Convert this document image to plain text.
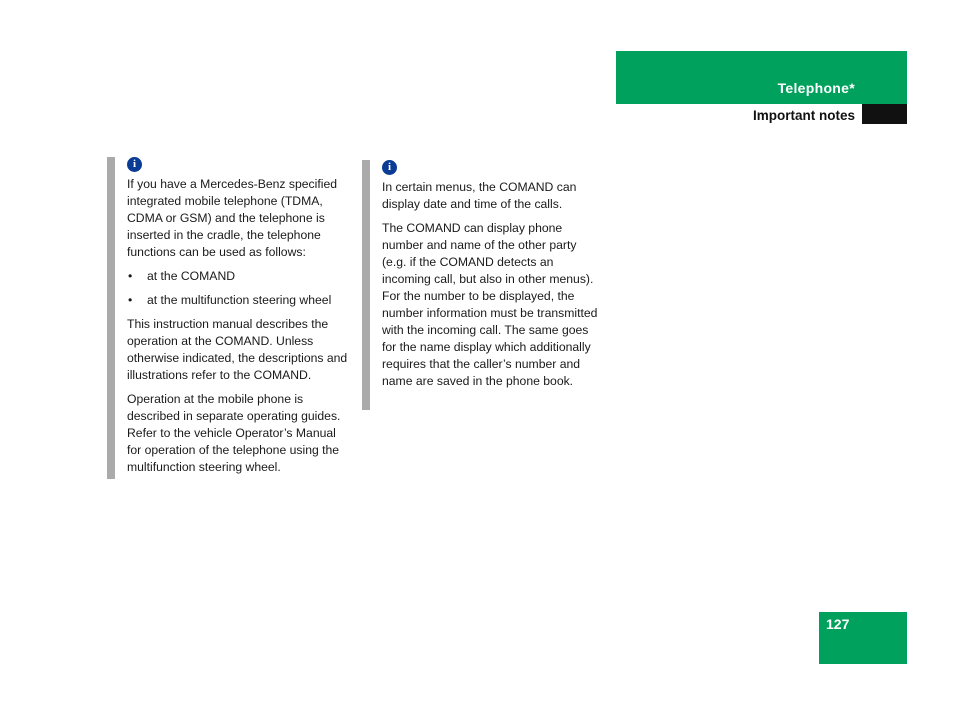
Telephone*
Important notes
i

If you have a Mercedes-Benz specified integrated mobile telephone (TDMA, CDMA or GSM) and the telephone is inserted in the cradle, the telephone functions can be used as follows:

• at the COMAND
• at the multifunction steering wheel

This instruction manual describes the operation at the COMAND. Unless otherwise indicated, the descriptions and illustrations refer to the COMAND.

Operation at the mobile phone is described in separate operating guides. Refer to the vehicle Operator’s Manual for operation of the telephone using the multifunction steering wheel.

i

In certain menus, the COMAND can display date and time of the calls.

The COMAND can display phone number and name of the other party (e.g. if the COMAND detects an incoming call, but also in other menus). For the number to be displayed, the number information must be transmitted with the incoming call. The same goes for the name display which additionally requires that the caller’s number and name are saved in the phone book.

127
